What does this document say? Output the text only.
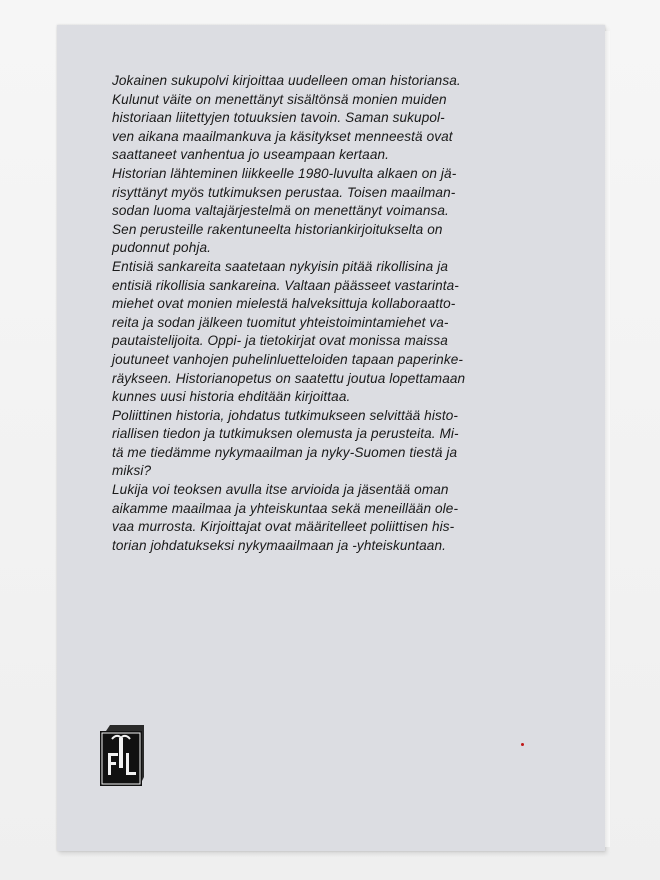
Jokainen sukupolvi kirjoittaa uudelleen oman historiansa.
Kulunut väite on menettänyt sisältönsä monien muiden
historiaan liitettyjen totuuksien tavoin. Saman sukupol-
ven aikana maailmankuva ja käsitykset menneestä ovat
saattaneet vanhentua jo useampaan kertaan.
Historian lähteminen liikkeelle 1980-luvulta alkaen on jä-
risyttänyt myös tutkimuksen perustaa. Toisen maailman-
sodan luoma valtajärjestelmä on menettänyt voimansa.
Sen perusteille rakentuneelta historiankirjoitukselta on
pudonnut pohja.
Entisiä sankareita saatetaan nykyisin pitää rikollisina ja
entisiä rikollisia sankareina. Valtaan päässeet vastarinta-
miehet ovat monien mielestä halveksittuja kollaboraatto-
reita ja sodan jälkeen tuomitut yhteistoimintamiehet va-
pautaistelijoita. Oppi- ja tietokirjat ovat monissa maissa
joutuneet vanhojen puhelinluetteloiden tapaan paperinke-
räykseen. Historianopetus on saatettu joutua lopettamaan
kunnes uusi historia ehditään kirjoittaa.
Poliittinen historia, johdatus tutkimukseen selvittää histo-
riallisen tiedon ja tutkimuksen olemusta ja perusteita. Mi-
tä me tiedämme nykymaailman ja nyky-Suomen tiestä ja
miksi?
Lukija voi teoksen avulla itse arvioida ja jäsentää oman
aikamme maailmaa ja yhteiskuntaa sekä meneillään ole-
vaa murrosta. Kirjoittajat ovat määritelleet poliittisen his-
torian johdatukseksi nykymaailmaan ja -yhteiskuntaan.
FL
